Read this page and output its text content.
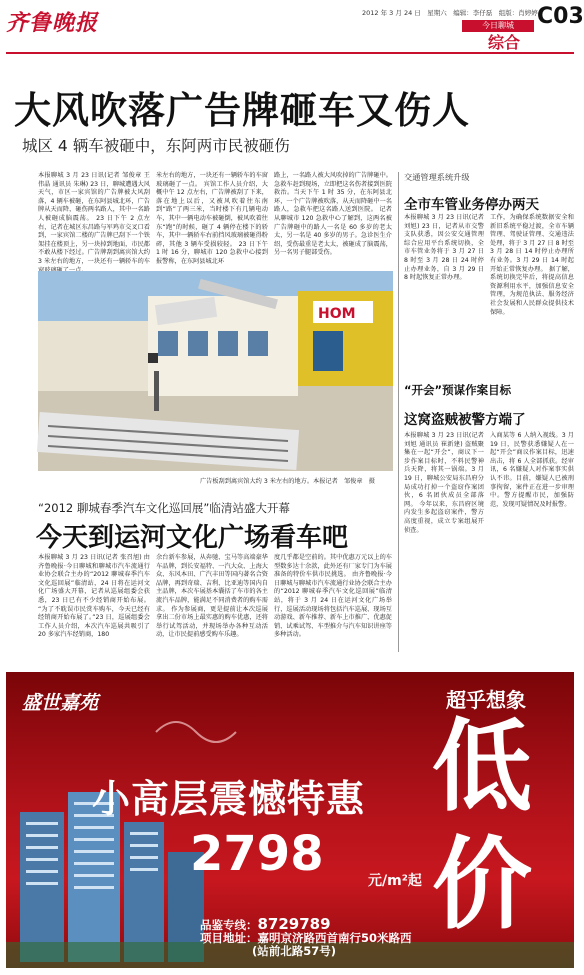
齐鲁晚报	2012 年 3 月 24 日　星期六　编辑：李仔磊　组版：肖婷婷 C03
今日聊城
综合
大风吹落广告牌砸车又伤人
城区 4 辆车被砸中，东阿两市民被砸伤
本报聊城 3 月 23 日讯(记者 邹俊章 王伟晶 通讯员 朱琳) 23 日，聊城遭遇大风天气，市区一家宾馆的广告牌被大风刮落，4 辆车被砸，在东阿县城北环，广告牌从天而降，砸伤两名路人，其中一名路人被砸成脑震荡。 23 日下午 2 点左右，记者在城区东昌路与军鸡市交叉口看到，一家宾馆二楼的广告牌已刮下一个铁架挂在楼顶上，另一块掉到地面，市民都不敢从楼下经过。广告牌刮到离宾馆大约 3 米左右的地方，一块还有一辆轿车的车
米左右的地方，一块还有一辆轿车的车窗玻璃砸了一点。 宾馆工作人员介绍，大概中午 12 点左右，广告牌被刮了下来，落在地上以后，又被风吹着往东南到“路”了两三米，当时楼下有几辆电动车，其中一辆电动车被砸倒，被风吹着往东“跑”的时候，砸了 4 辆停在楼下的轿车，其中一辆轿车右前挡风玻璃被砸得粉碎，其他 3 辆车受损较轻。 23 日下午 1 时 16 分，聊城市 120 急救中心接到报警称，在东阿县城北环
路上，一名路人被大风吹掉的广告牌砸中。急救车赶到现场，立即把这名伤者接到医院救治。当天下午 1 时 35 分，在东阿县北环，一个广告牌被吹落，从天而降砸中一名路人，急救车把这名路人送到医院。 记者从聊城市 120 急救中心了解到，这两名被广告牌砸中的路人一名是 60 多岁的老太太，另一名是 40 多岁的男子。急诊医生介绍，受伤最重是老太太，被砸成了脑震荡，另一名男子腿部受伤。
HOM
广告板刮到离宾馆大约 3 米左右的地方。本报记者　邹俊章　摄
“2012 聊城春季汽车文化巡回展”临清站盛大开幕
今天到运河文化广场看车吧
本报聊城 3 月 23 日讯(记者 张召旭) 由齐鲁晚报·今日聊城和聊城市汽车流通行业协会联合主办的“2012 聊城春季汽车文化巡回展”临清站，24 日将在运河文化广场盛大开幕，记者从巡展组委会获悉，23 日已有不少经销商开始布展。 “为了不耽误市民赏车购车，今天已经有经销商开始布展了。”23 日，巡展组委会工作人员介绍，本次汽车巡展共吸引了 20 多家汽车经销商，180
余台新车参展，从奔驰、宝马等高端豪华车品牌，到长安福特、一汽大众、上海大众、东风本田、广汽丰田等国内著名合资品牌，再到奇瑞、吉利、比亚迪等国内自主品牌，本次车展基本囊括了车市的各主流汽车品牌，能满足不同消费者的购车需求。 作为参展商，更是提前让本次巡展拿出二份市场上最实惠的购车优惠，还将举行试驾活动，并现场举办各种互动活动，让市民提前感受购车乐趣。
度几乎都是空前的。其中优惠万元以上的车型数多达十余款，此外还有厂家专门为车展准备的特价车供市民挑选。 由齐鲁晚报·今日聊城与聊城市汽车流通行业协会联合主办的“2012 聊城春季汽车文化巡回展”临清站，将于 3 月 24 日在运河文化广场举行，巡展活动现场将包括汽车巡展、现场互动游戏、新车推荐、新车上市推广、优惠促销、试乘试驾、车型推介与汽车知识讲座等多种活动。
交通管理系统升级
全市车管业务停办两天
本报聊城 3 月 23 日讯(记者 刘旭) 23 日，记者从市交警支队获悉，因公安交通管理综合应用平台系统切换，全市车管业务将于 3 月 27 日 8 时至 3 月 28 日 24 时停止办理业务，自 3 月 29 日 8 时起恢复正常办理。
工作，为确保系统数据安全和新旧系统平稳过渡，全市车辆管理、驾驶证管理、交通违法处理，将于 3 月 27 日 8 时至 3 月 28 日 14 时停止办理所有业务。3 月 29 日 14 时起开始正常恢复办理。 据了解，系统切换完毕后，将提高信息资源利用水平，加强信息安全管理，为规范执法、服务经济社会发展和人民群众提供技术保障。
“开会”预谋作案目标
这窝盗贼被警方端了
本报聊城 3 月 23 日讯(记者 刘旭 通讯员 崔新建) 盗贼聚集在一起“开会”，商议下一步作案目标时，不料民警神兵天降，将其一锅端。3 月 19 日，聊城公安局东昌府分局成功打掉一个盗窃作案团伙，6 名团伙成员全部落网。 今年以来，东昌府区境内发生多起盗窃案件，警方高度重视，成立专案组展开侦查。
入商某等 6 人纳入视线。3 月 19 日，民警获悉嫌疑人在一起“开会”商议作案目标，迅速出击，将 6 人全部抓获。经审讯，6 名嫌疑人对作案事实供认不讳。目前，嫌疑人已被刑事拘留，案件正在进一步审理中。警方提醒市民，加强防范，发现可疑情况及时报警。
盛世嘉苑	超乎想象
低价
小高层震憾特惠
2798	元/m²起
品鉴专线：8729789
项目地址：嘉明京济路西首南行50米路西
(站前北路57号)
